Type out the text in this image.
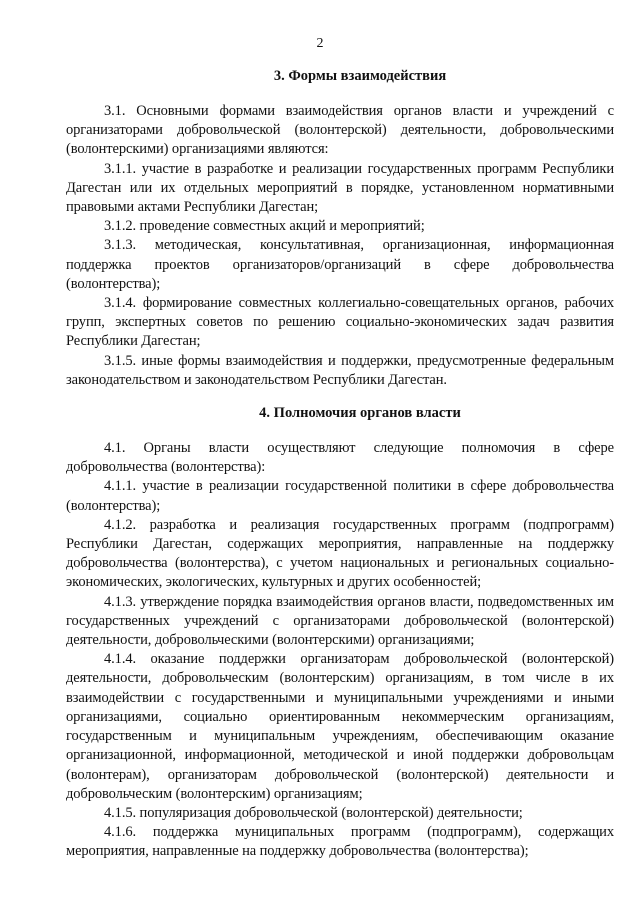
2
3. Формы взаимодействия

3.1. Основными формами взаимодействия органов власти и учреждений с организаторами добровольческой (волонтерской) деятельности, добровольческими (волонтерскими) организациями являются:

3.1.1. участие в разработке и реализации государственных программ Республики Дагестан или их отдельных мероприятий в порядке, установленном нормативными правовыми актами Республики Дагестан;

3.1.2. проведение совместных акций и мероприятий;

3.1.3. методическая, консультативная, организационная, информационная поддержка проектов организаторов/организаций в сфере добровольчества (волонтерства);

3.1.4. формирование совместных коллегиально-совещательных органов, рабочих групп, экспертных советов по решению социально-экономических задач развития Республики Дагестан;

3.1.5. иные формы взаимодействия и поддержки, предусмотренные федеральным законодательством и законодательством Республики Дагестан.

4. Полномочия органов власти

4.1. Органы власти осуществляют следующие полномочия в сфере добровольчества (волонтерства):

4.1.1. участие в реализации государственной политики в сфере добровольчества (волонтерства);

4.1.2. разработка и реализация государственных программ (подпрограмм) Республики Дагестан, содержащих мероприятия, направленные на поддержку добровольчества (волонтерства), с учетом национальных и региональных социально-экономических, экологических, культурных и других особенностей;

4.1.3. утверждение порядка взаимодействия органов власти, подведомственных им государственных учреждений с организаторами добровольческой (волонтерской) деятельности, добровольческими (волонтерскими) организациями;

4.1.4. оказание поддержки организаторам добровольческой (волонтерской) деятельности, добровольческим (волонтерским) организациям, в том числе в их взаимодействии с государственными и муниципальными учреждениями и иными организациями, социально ориентированным некоммерческим организациям, государственным и муниципальным учреждениям, обеспечивающим оказание организационной, информационной, методической и иной поддержки добровольцам (волонтерам), организаторам добровольческой (волонтерской) деятельности и добровольческим (волонтерским) организациям;

4.1.5. популяризация добровольческой (волонтерской) деятельности;

4.1.6. поддержка муниципальных программ (подпрограмм), содержащих мероприятия, направленные на поддержку добровольчества (волонтерства);
